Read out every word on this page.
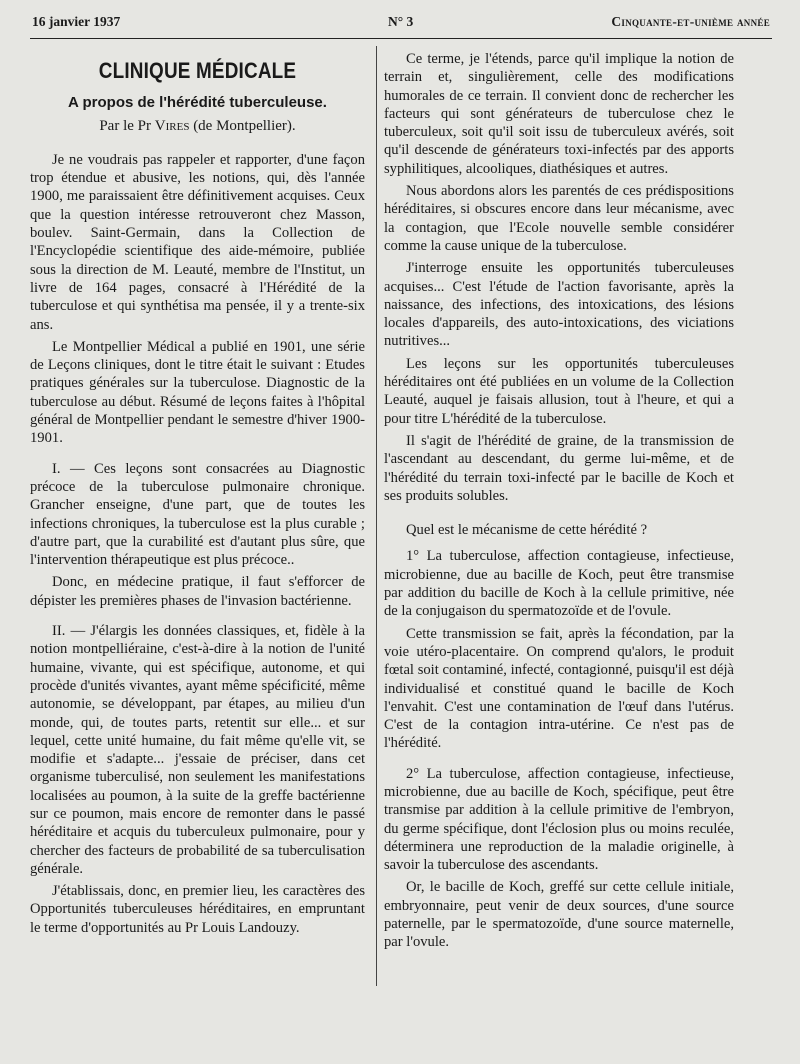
16 janvier 1937	N° 3	Cinquante-et-unième année
CLINIQUE MÉDICALE
A propos de l'hérédité tuberculeuse.
Par le Pr Vires (de Montpellier).

Je ne voudrais pas rappeler et rapporter, d'une façon trop étendue et abusive, les notions, qui, dès l'année 1900, me paraissaient être définitivement acquises. Ceux que la question intéresse retrouveront chez Masson, boulev. Saint-Germain, dans la Collection de l'Encyclopédie scientifique des aide-mémoire, publiée sous la direction de M. Leauté, membre de l'Institut, un livre de 164 pages, consacré à l'Hérédité de la tuberculose et qui synthétisa ma pensée, il y a trente-six ans.

Le Montpellier Médical a publié en 1901, une série de Leçons cliniques, dont le titre était le suivant : Etudes pratiques générales sur la tuberculose. Diagnostic de la tuberculose au début. Résumé de leçons faites à l'hôpital général de Montpellier pendant le semestre d'hiver 1900-1901.

I. — Ces leçons sont consacrées au Diagnostic précoce de la tuberculose pulmonaire chronique. Grancher enseigne, d'une part, que de toutes les infections chroniques, la tuberculose est la plus curable ; d'autre part, que la curabilité est d'autant plus sûre, que l'intervention thérapeutique est plus précoce..

Donc, en médecine pratique, il faut s'efforcer de dépister les premières phases de l'invasion bactérienne.

II. — J'élargis les données classiques, et, fidèle à la notion montpelliéraine, c'est-à-dire à la notion de l'unité humaine, vivante, qui est spécifique, autonome, et qui procède d'unités vivantes, ayant même spécificité, même autonomie, se développant, par étapes, au milieu d'un monde, qui, de toutes parts, retentit sur elle... et sur lequel, cette unité humaine, du fait même qu'elle vit, se modifie et s'adapte... j'essaie de préciser, dans cet organisme tuberculisé, non seulement les manifestations localisées au poumon, à la suite de la greffe bactérienne sur ce poumon, mais encore de remonter dans le passé héréditaire et acquis du tuberculeux pulmonaire, pour y chercher des facteurs de probabilité de sa tuberculisation générale.

J'établissais, donc, en premier lieu, les caractères des Opportunités tuberculeuses héréditaires, en empruntant le terme d'opportunités au Pr Louis Landouzy.

Ce terme, je l'étends, parce qu'il implique la notion de terrain et, singulièrement, celle des modifications humorales de ce terrain. Il convient donc de rechercher les facteurs qui sont générateurs de tuberculose chez le tuberculeux, soit qu'il soit issu de tuberculeux avérés, soit qu'il descende de générateurs toxi-infectés par des apports syphilitiques, alcooliques, diathésiques et autres.

Nous abordons alors les parentés de ces prédispositions héréditaires, si obscures encore dans leur mécanisme, avec la contagion, que l'Ecole nouvelle semble considérer comme la cause unique de la tuberculose.

J'interroge ensuite les opportunités tuberculeuses acquises... C'est l'étude de l'action favorisante, après la naissance, des infections, des intoxications, des lésions locales d'appareils, des auto-intoxications, des viciations nutritives...

Les leçons sur les opportunités tuberculeuses héréditaires ont été publiées en un volume de la Collection Leauté, auquel je faisais allusion, tout à l'heure, et qui a pour titre L'hérédité de la tuberculose.

Il s'agit de l'hérédité de graine, de la transmission de l'ascendant au descendant, du germe lui-même, et de l'hérédité du terrain toxi-infecté par le bacille de Koch et ses produits solubles.

Quel est le mécanisme de cette hérédité ?

1° La tuberculose, affection contagieuse, infectieuse, microbienne, due au bacille de Koch, peut être transmise par addition du bacille de Koch à la cellule primitive, née de la conjugaison du spermatozoïde et de l'ovule.

Cette transmission se fait, après la fécondation, par la voie utéro-placentaire. On comprend qu'alors, le produit fœtal soit contaminé, infecté, contagionné, puisqu'il est déjà individualisé et constitué quand le bacille de Koch l'envahit. C'est une contamination de l'œuf dans l'utérus. C'est de la contagion intra-utérine. Ce n'est pas de l'hérédité.

2° La tuberculose, affection contagieuse, infectieuse, microbienne, due au bacille de Koch, spécifique, peut être transmise par addition à la cellule primitive de l'embryon, du germe spécifique, dont l'éclosion plus ou moins reculée, déterminera une reproduction de la maladie originelle, à savoir la tuberculose des ascendants.

Or, le bacille de Koch, greffé sur cette cellule initiale, embryonnaire, peut venir de deux sources, d'une source paternelle, par le spermatozoïde, d'une source maternelle, par l'ovule.
